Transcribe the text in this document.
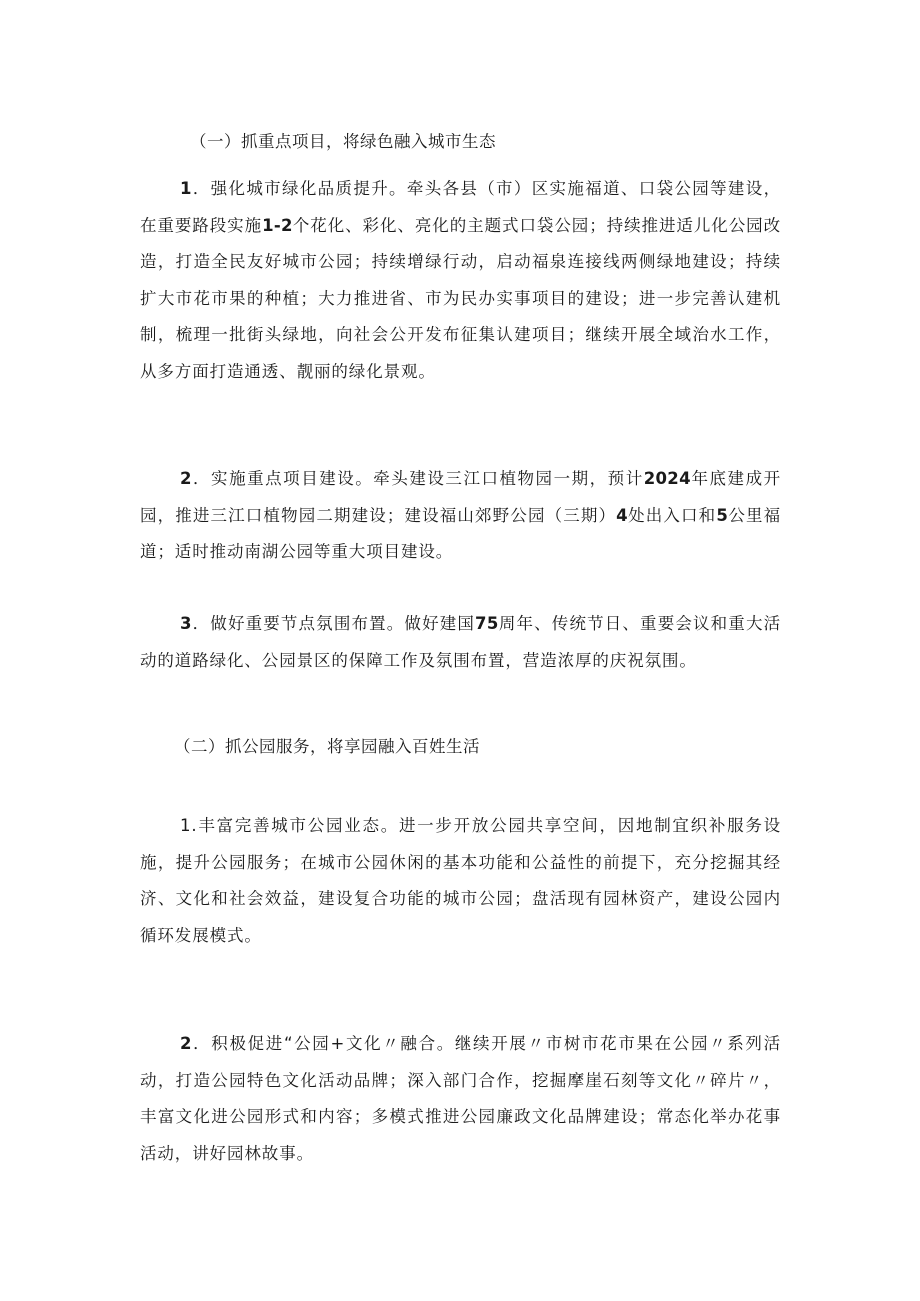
（一）抓重点项目，将绿色融入城市生态

1．强化城市绿化品质提升。牵头各县（市）区实施福道、口袋公园等建设，在重要路段实施1-2个花化、彩化、亮化的主题式口袋公园；持续推进适儿化公园改造，打造全民友好城市公园；持续增绿行动，启动福泉连接线两侧绿地建设；持续扩大市花市果的种植；大力推进省、市为民办实事项目的建设；进一步完善认建机制，梳理一批街头绿地，向社会公开发布征集认建项目；继续开展全域治水工作，从多方面打造通透、靓丽的绿化景观。

2．实施重点项目建设。牵头建设三江口植物园一期，预计2024年底建成开园，推进三江口植物园二期建设；建设福山郊野公园（三期）4处出入口和5公里福道；适时推动南湖公园等重大项目建设。

3．做好重要节点氛围布置。做好建国75周年、传统节日、重要会议和重大活动的道路绿化、公园景区的保障工作及氛围布置，营造浓厚的庆祝氛围。

（二）抓公园服务，将享园融入百姓生活

1.丰富完善城市公园业态。进一步开放公园共享空间，因地制宜织补服务设施，提升公园服务；在城市公园休闲的基本功能和公益性的前提下，充分挖掘其经济、文化和社会效益，建设复合功能的城市公园；盘活现有园林资产，建设公园内循环发展模式。

2．积极促进“公园+文化〃融合。继续开展〃市树市花市果在公园〃系列活动，打造公园特色文化活动品牌；深入部门合作，挖掘摩崖石刻等文化〃碎片〃，丰富文化进公园形式和内容；多模式推进公园廉政文化品牌建设；常态化举办花事活动，讲好园林故事。
